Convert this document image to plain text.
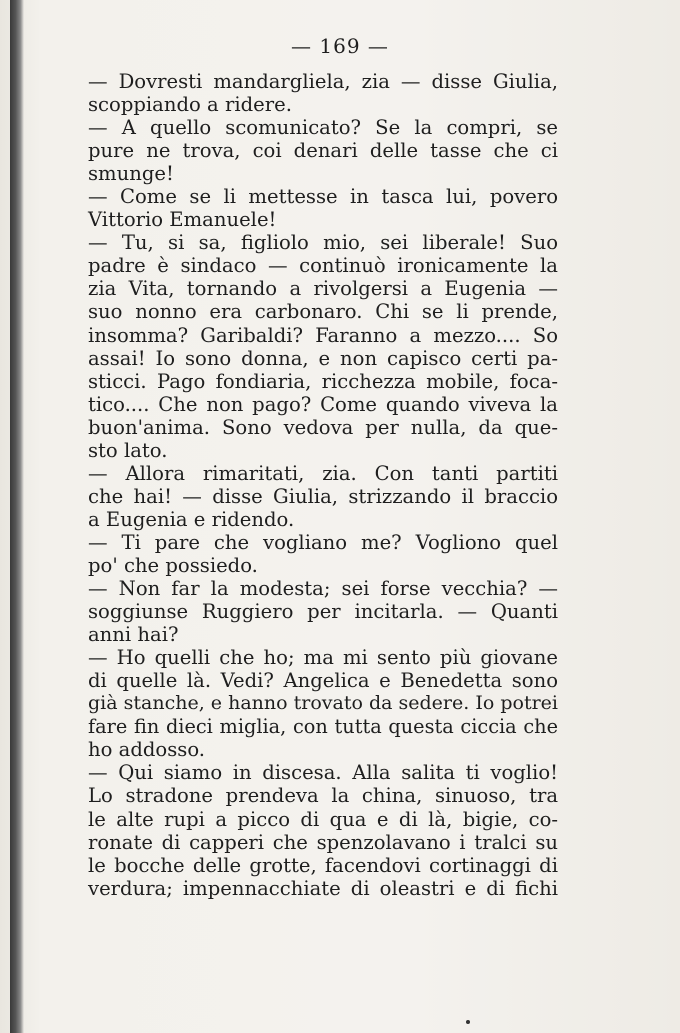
— 169 —
— Dovresti mandargliela, zia — disse Giulia,
scoppiando a ridere.
— A quello scomunicato? Se la compri, se
pure ne trova, coi denari delle tasse che ci
smunge!
— Come se li mettesse in tasca lui, povero
Vittorio Emanuele!
— Tu, si sa, figliolo mio, sei liberale! Suo
padre è sindaco — continuò ironicamente la
zia Vita, tornando a rivolgersi a Eugenia —
suo nonno era carbonaro. Chi se li prende,
insomma? Garibaldi? Faranno a mezzo.... So
assai! Io sono donna, e non capisco certi pa-
sticci. Pago fondiaria, ricchezza mobile, foca-
tico.... Che non pago? Come quando viveva la
buon'anima. Sono vedova per nulla, da que-
sto lato.
— Allora rimaritati, zia. Con tanti partiti
che hai! — disse Giulia, strizzando il braccio
a Eugenia e ridendo.
— Ti pare che vogliano me? Vogliono quel
po' che possiedo.
— Non far la modesta; sei forse vecchia? —
soggiunse Ruggiero per incitarla. — Quanti
anni hai?
— Ho quelli che ho; ma mi sento più giovane
di quelle là. Vedi? Angelica e Benedetta sono
già stanche, e hanno trovato da sedere. Io potrei
fare fin dieci miglia, con tutta questa ciccia che
ho addosso.
— Qui siamo in discesa. Alla salita ti voglio!
Lo stradone prendeva la china, sinuoso, tra
le alte rupi a picco di qua e di là, bigie, co-
ronate di capperi che spenzolavano i tralci su
le bocche delle grotte, facendovi cortinaggi di
verdura; impennacchiate di oleastri e di fichi
